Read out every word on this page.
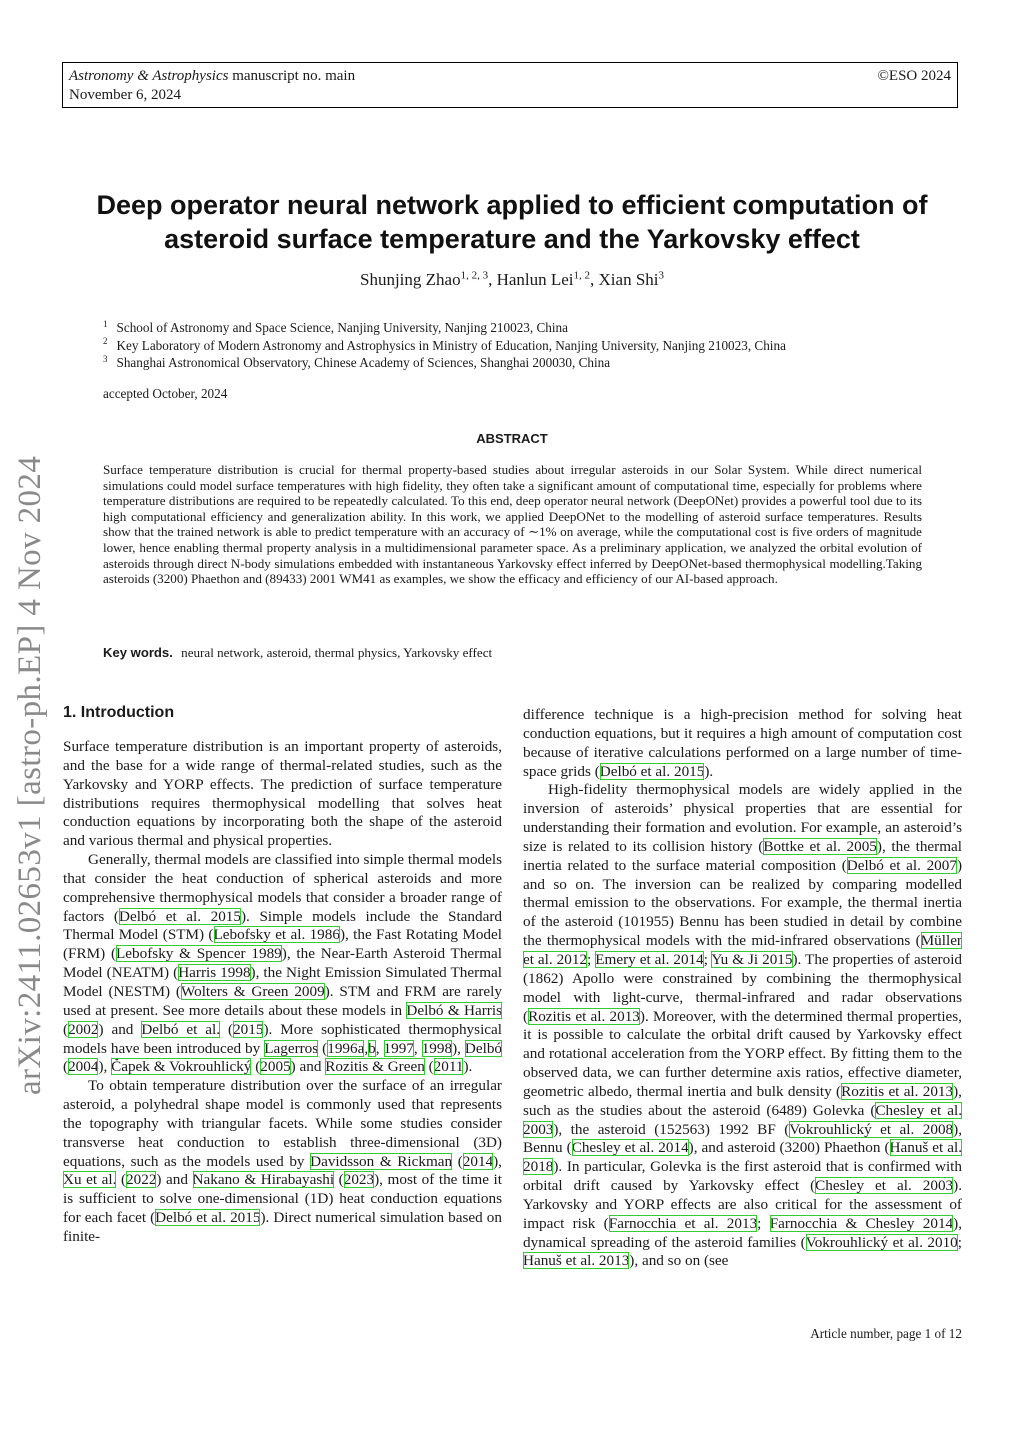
Astronomy & Astrophysics manuscript no. main
November 6, 2024
©ESO 2024
arXiv:2411.02653v1 [astro-ph.EP] 4 Nov 2024
Deep operator neural network applied to efficient computation of
asteroid surface temperature and the Yarkovsky effect
Shunjing Zhao$^{1, 2, 3}$, Hanlun Lei$^{1, 2}$, Xian Shi$^3$
$^1$ School of Astronomy and Space Science, Nanjing University, Nanjing 210023, China
$^2$ Key Laboratory of Modern Astronomy and Astrophysics in Ministry of Education, Nanjing University, Nanjing 210023, China
$^3$ Shanghai Astronomical Observatory, Chinese Academy of Sciences, Shanghai 200030, China
accepted October, 2024
ABSTRACT
Surface temperature distribution is crucial for thermal property-based studies about irregular asteroids in our Solar System. While direct numerical simulations could model surface temperatures with high fidelity, they often take a significant amount of computational time, especially for problems where temperature distributions are required to be repeatedly calculated. To this end, deep operator neural network (DeepONet) provides a powerful tool due to its high computational efficiency and generalization ability. In this work, we applied DeepONet to the modelling of asteroid surface temperatures. Results show that the trained network is able to predict temperature with an accuracy of ∼1% on average, while the computational cost is five orders of magnitude lower, hence enabling thermal property analysis in a multidimensional parameter space. As a preliminary application, we analyzed the orbital evolution of asteroids through direct N-body simulations embedded with instantaneous Yarkovsky effect inferred by DeepONet-based thermophysical modelling.Taking asteroids (3200) Phaethon and (89433) 2001 WM41 as examples, we show the efficacy and efficiency of our AI-based approach.
Key words. neural network, asteroid, thermal physics, Yarkovsky effect
1. Introduction

Surface temperature distribution is an important property of asteroids, and the base for a wide range of thermal-related studies, such as the Yarkovsky and YORP effects. The prediction of surface temperature distributions requires thermophysical modelling that solves heat conduction equations by incorporating both the shape of the asteroid and various thermal and physical properties.

Generally, thermal models are classified into simple thermal models that consider the heat conduction of spherical asteroids and more comprehensive thermophysical models that consider a broader range of factors (Delbó et al. 2015). Simple models include the Standard Thermal Model (STM) (Lebofsky et al. 1986), the Fast Rotating Model (FRM) (Lebofsky & Spencer 1989), the Near-Earth Asteroid Thermal Model (NEATM) (Harris 1998), the Night Emission Simulated Thermal Model (NESTM) (Wolters & Green 2009). STM and FRM are rarely used at present. See more details about these models in Delbó & Harris (2002) and Delbó et al. (2015). More sophisticated thermophysical models have been introduced by Lagerros (1996a,b, 1997, 1998), Delbó (2004), Čapek & Vokrouhlický (2005) and Rozitis & Green (2011).

To obtain temperature distribution over the surface of an irregular asteroid, a polyhedral shape model is commonly used that represents the topography with triangular facets. While some studies consider transverse heat conduction to establish three-dimensional (3D) equations, such as the models used by Davidsson & Rickman (2014), Xu et al. (2022) and Nakano & Hirabayashi (2023), most of the time it is sufficient to solve one-dimensional (1D) heat conduction equations for each facet (Delbó et al. 2015). Direct numerical simulation based on finite-

difference technique is a high-precision method for solving heat conduction equations, but it requires a high amount of computation cost because of iterative calculations performed on a large number of time-space grids (Delbó et al. 2015).

High-fidelity thermophysical models are widely applied in the inversion of asteroids’ physical properties that are essential for understanding their formation and evolution. For example, an asteroid’s size is related to its collision history (Bottke et al. 2005), the thermal inertia related to the surface material composition (Delbó et al. 2007) and so on. The inversion can be realized by comparing modelled thermal emission to the observations. For example, the thermal inertia of the asteroid (101955) Bennu has been studied in detail by combine the thermophysical models with the mid-infrared observations (Müller et al. 2012; Emery et al. 2014; Yu & Ji 2015). The properties of asteroid (1862) Apollo were constrained by combining the thermophysical model with light-curve, thermal-infrared and radar observations (Rozitis et al. 2013). Moreover, with the determined thermal properties, it is possible to calculate the orbital drift caused by Yarkovsky effect and rotational acceleration from the YORP effect. By fitting them to the observed data, we can further determine axis ratios, effective diameter, geometric albedo, thermal inertia and bulk density (Rozitis et al. 2013), such as the studies about the asteroid (6489) Golevka (Chesley et al. 2003), the asteroid (152563) 1992 BF (Vokrouhlický et al. 2008), Bennu (Chesley et al. 2014), and asteroid (3200) Phaethon (Hanuš et al. 2018). In particular, Golevka is the first asteroid that is confirmed with orbital drift caused by Yarkovsky effect (Chesley et al. 2003). Yarkovsky and YORP effects are also critical for the assessment of impact risk (Farnocchia et al. 2013; Farnocchia & Chesley 2014), dynamical spreading of the asteroid families (Vokrouhlický et al. 2010; Hanuš et al. 2013), and so on (see

Article number, page 1 of 12
